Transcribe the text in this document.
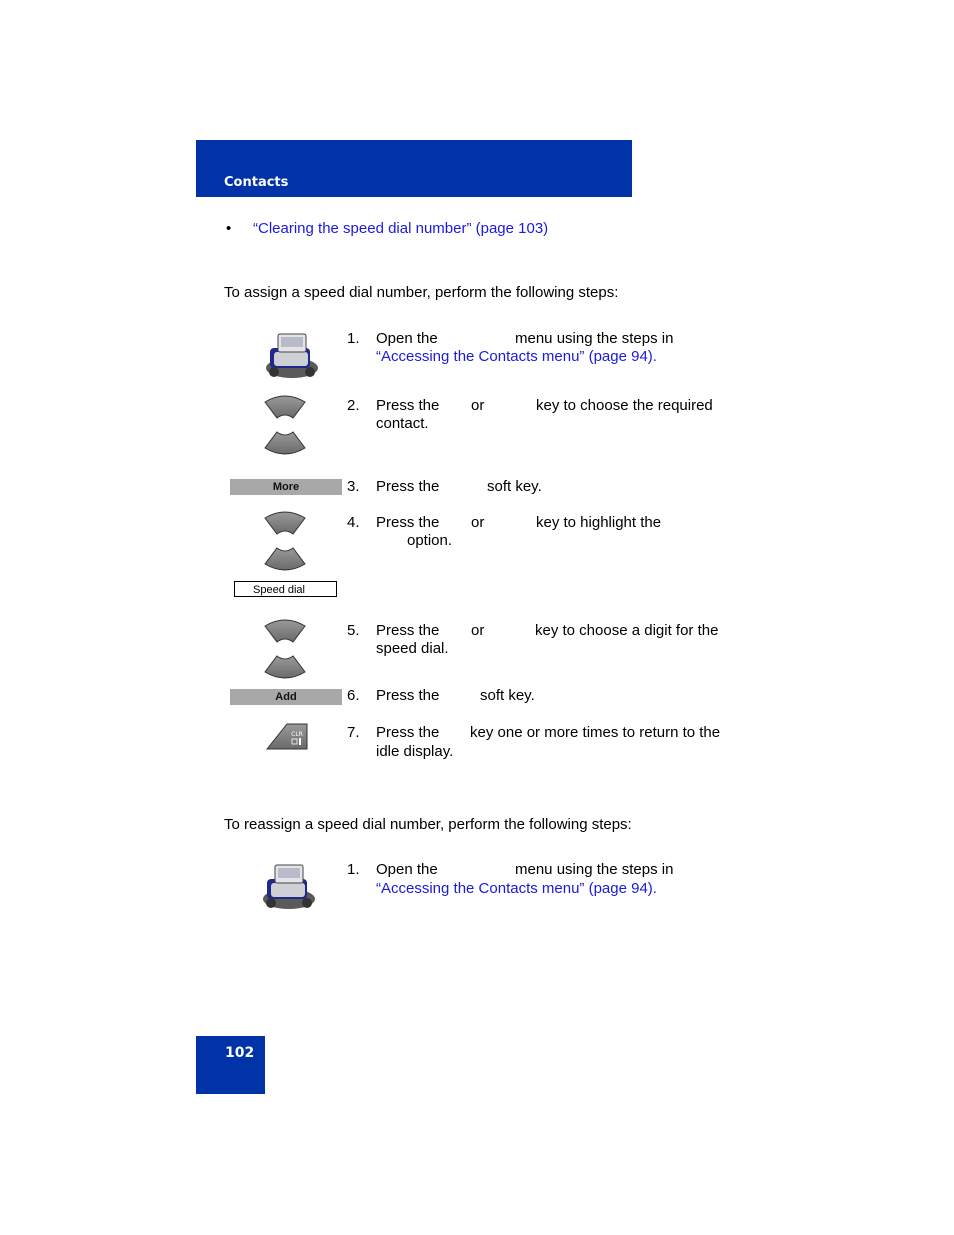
Contacts
• “Clearing the speed dial number” (page 103)
To assign a speed dial number, perform the following steps:
1. Open the	menu using the steps in
“Accessing the Contacts menu” (page 94).
2. Press the or	key to choose the required
contact.
More	3. Press the	soft key.
4. Press the or	key to highlight the
option.
Speed dial
5. Press the or	key to choose a digit for the
speed dial.
Add	6. Press the	soft key.
CLR	7. Press the key one or more times to return to the
idle display.
To reassign a speed dial number, perform the following steps:
1. Open the	menu using the steps in
“Accessing the Contacts menu” (page 94).
102
